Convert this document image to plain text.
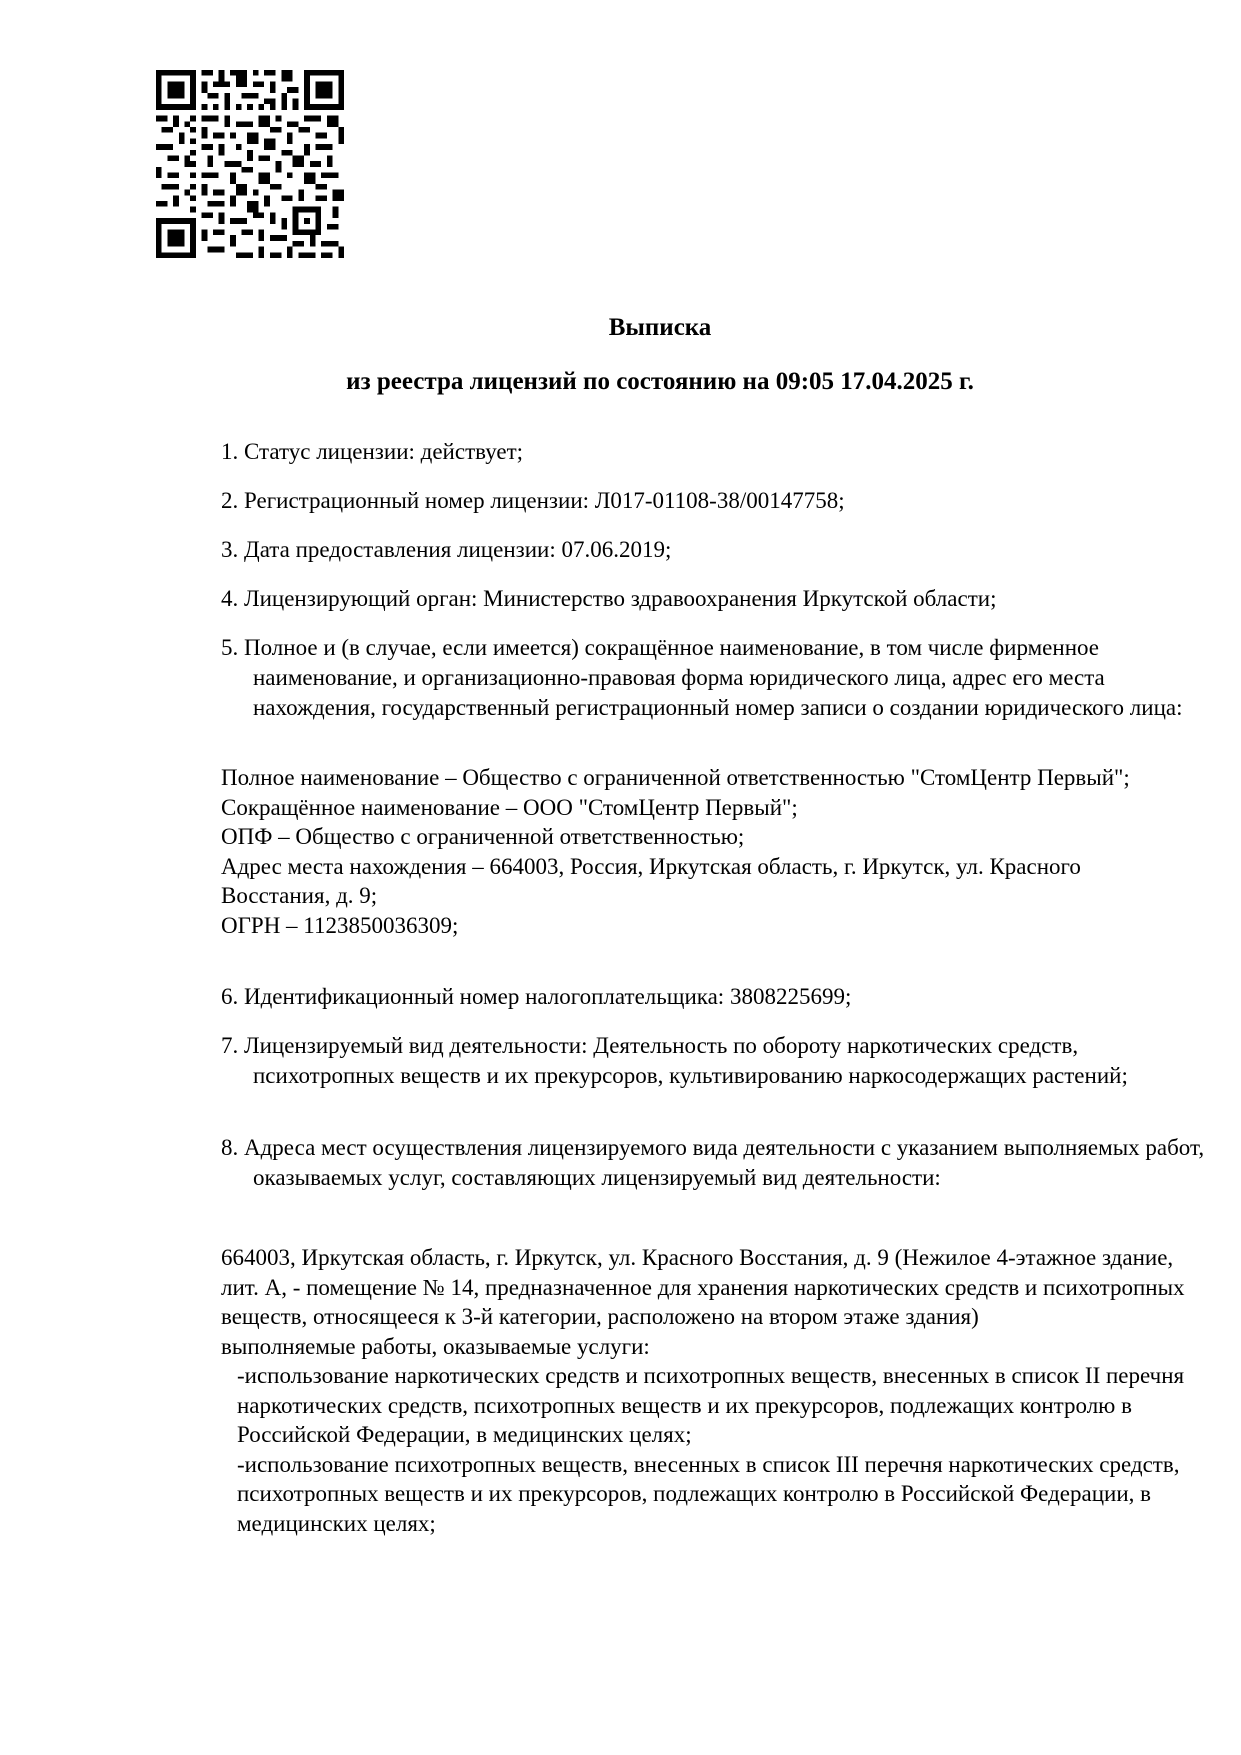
Выписка

из реестра лицензий по состоянию на 09:05 17.04.2025 г.

1. Статус лицензии: действует;

2. Регистрационный номер лицензии: Л017-01108-38/00147758;

3. Дата предоставления лицензии: 07.06.2019;

4. Лицензирующий орган: Министерство здравоохранения Иркутской области;

5. Полное и (в случае, если имеется) сокращённое наименование, в том числе фирменное наименование, и организационно-правовая форма юридического лица, адрес его места нахождения, государственный регистрационный номер записи о создании юридического лица:

Полное наименование – Общество с ограниченной ответственностью "СтомЦентр Первый";

Сокращённое наименование – ООО "СтомЦентр Первый";

ОПФ – Общество с ограниченной ответственностью;

Адрес места нахождения – 664003, Россия, Иркутская область, г. Иркутск, ул. Красного Восстания, д. 9;

ОГРН – 1123850036309;

6. Идентификационный номер налогоплательщика: 3808225699;

7. Лицензируемый вид деятельности: Деятельность по обороту наркотических средств, психотропных веществ и их прекурсоров, культивированию наркосодержащих растений;

8. Адреса мест осуществления лицензируемого вида деятельности с указанием выполняемых работ, оказываемых услуг, составляющих лицензируемый вид деятельности:

664003, Иркутская область, г. Иркутск, ул. Красного Восстания, д. 9 (Нежилое 4-этажное здание, лит. А, - помещение № 14, предназначенное для хранения наркотических средств и психотропных веществ, относящееся к 3-й категории, расположено на втором этаже здания)

выполняемые работы, оказываемые услуги:

-использование наркотических средств и психотропных веществ, внесенных в список II перечня наркотических средств, психотропных веществ и их прекурсоров, подлежащих контролю в Российской Федерации, в медицинских целях;

-использование психотропных веществ, внесенных в список III перечня наркотических средств, психотропных веществ и их прекурсоров, подлежащих контролю в Российской Федерации, в медицинских целях;
